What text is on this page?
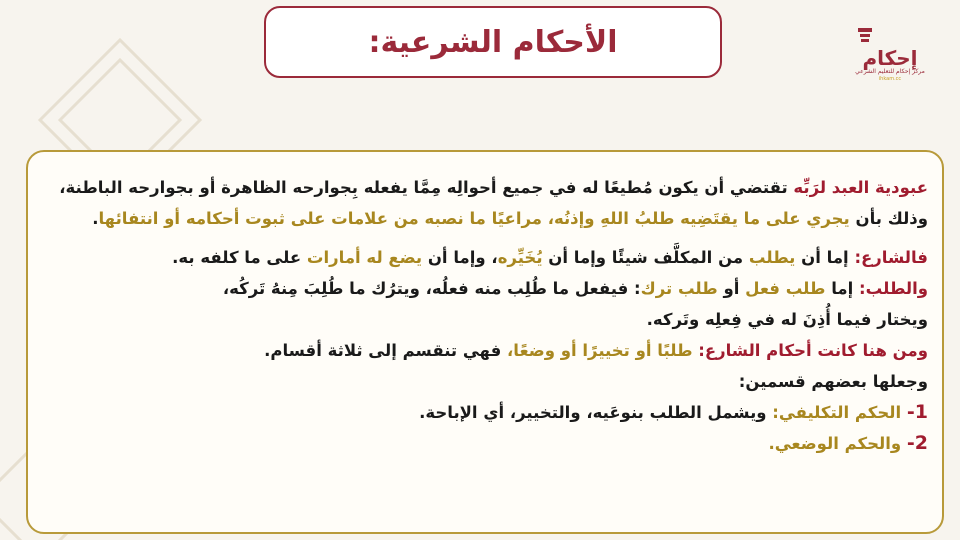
الأحكام الشرعية:	إحكام
مركز إحكام للتعليم الشرعي
ihkam.cc

عبودية العبد لرَبِّه تقتضي أن يكون مُطيعًا له في جميع أحوالِه مِمَّا يفعله بِجوارحه الظاهرة أو بجوارحه الباطنة، وذلك بأن يجري على ما يقتَضِيه طلبُ اللهِ وإذنُه، مراعيًا ما نصبه من علامات على ثبوت أحكامه أو انتفائها.

فالشارع: إما أن يطلب من المكلَّف شيئًا وإما أن يُخَيِّره، وإما أن يضع له أمارات على ما كلفه به.
والطلب: إما طلب فعل أو طلب ترك: فيفعل ما طُلِب منه فعلُه، ويترُك ما طُلِبَ مِنهُ تَركُه،
ويختار فيما أُذِنَ له في فِعلِه وتَركه.
ومن هنا كانت أحكام الشارع: طلبًا أو تخييرًا أو وضعًا، فهي تنقسم إلى ثلاثة أقسام.
وجعلها بعضهم قسمين:
1- الحكم التكليفي: ويشمل الطلب بنوعَيه، والتخيير، أي الإباحة.
2- والحكم الوضعي.
